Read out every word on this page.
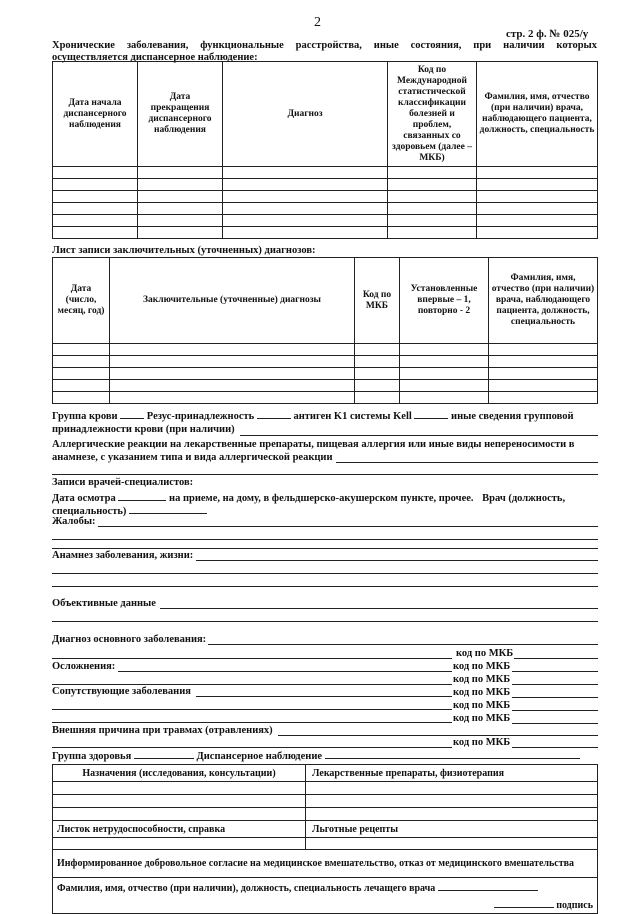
2
стр. 2 ф. № 025/у
Хронические заболевания, функциональные расстройства, иные состояния, при наличии которых осуществляется диспансерное наблюдение:
Дата начала диспансерного наблюдения	Дата прекращения диспансерного наблюдения	Диагноз	Код по Международной статистической классификации болезней и проблем, связанных со здоровьем (далее – МКБ)	Фамилия, имя, отчество (при наличии) врача, наблюдающего пациента, должность, специальность

Лист записи заключительных (уточненных) диагнозов:
Дата (число, месяц, год)	Заключительные (уточненные) диагнозы	Код по МКБ	Установленные впервые – 1, повторно - 2	Фамилия, имя, отчество (при наличии) врача, наблюдающего пациента, должность, специальность

Группа крови	Резус-принадлежность	антиген K1 системы Kell	иные сведения групповой
принадлежности крови (при наличии)
Аллергические реакции на лекарственные препараты, пищевая аллергия или иные виды непереносимости в
анамнезе, с указанием типа и вида аллергической реакции
Записи врачей-специалистов:
Дата осмотра	на приеме, на дому, в фельдшерско-акушерском пункте, прочее. Врач (должность,
специальность)
Жалобы:
Анамнез заболевания, жизни:
Объективные данные
Диагноз основного заболевания:
код по МКБ
Осложнения:	код по МКБ
код по МКБ
Сопутствующие заболевания	код по МКБ
код по МКБ
код по МКБ
Внешняя причина при травмах (отравлениях)
код по МКБ
Группа здоровья	Диспансерное наблюдение
Назначения (исследования, консультации)	Лекарственные препараты, физиотерапия

Листок нетрудоспособности, справка	Льготные рецепты

Информированное добровольное согласие на медицинское вмешательство, отказ от медицинского вмешательства	
Фамилия, имя, отчество (при наличии), должность, специальность лечащего врача
подпись	
